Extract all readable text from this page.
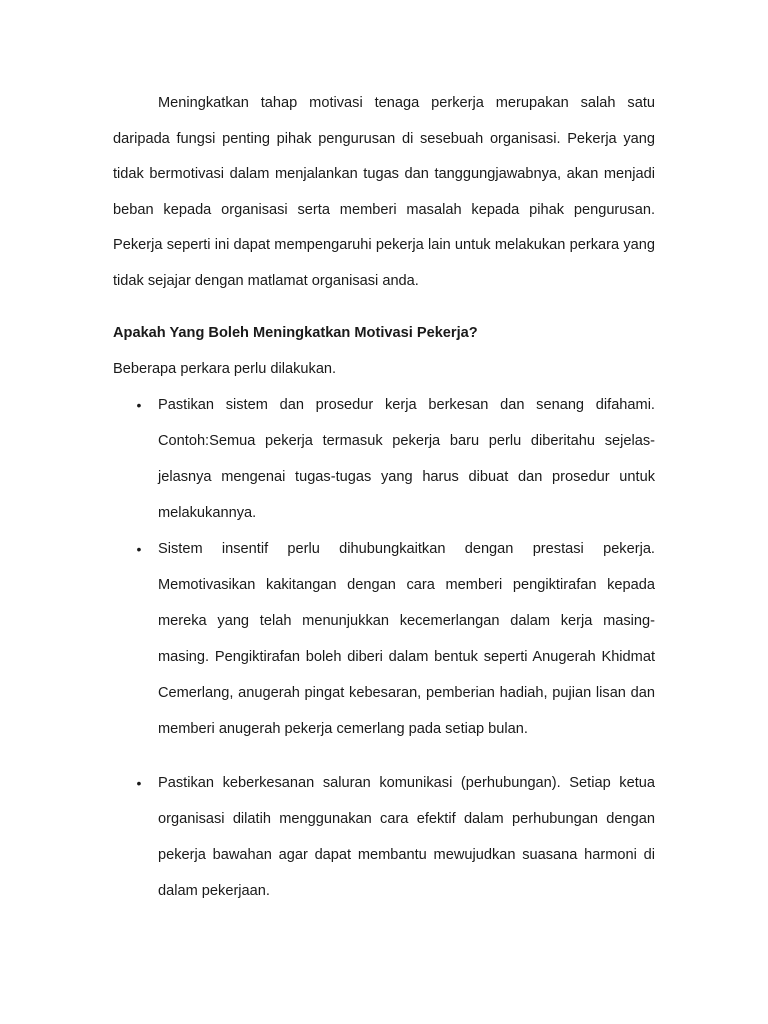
Meningkatkan tahap motivasi tenaga perkerja merupakan salah satu daripada fungsi penting pihak pengurusan di sesebuah organisasi. Pekerja yang tidak bermotivasi dalam menjalankan tugas dan tanggungjawabnya, akan menjadi beban kepada organisasi serta memberi masalah kepada pihak pengurusan. Pekerja seperti ini dapat mempengaruhi pekerja lain untuk melakukan perkara yang tidak sejajar dengan matlamat organisasi anda.

Apakah Yang Boleh Meningkatkan Motivasi Pekerja?

Beberapa perkara perlu dilakukan.

• Pastikan sistem dan prosedur kerja berkesan dan senang difahami. Contoh:Semua pekerja termasuk pekerja baru perlu diberitahu sejelas-jelasnya mengenai tugas-tugas yang harus dibuat dan prosedur untuk melakukannya.
• Sistem insentif perlu dihubungkaitkan dengan prestasi pekerja. Memotivasikan kakitangan dengan cara memberi pengiktirafan kepada mereka yang telah menunjukkan kecemerlangan dalam kerja masing-masing. Pengiktirafan boleh diberi dalam bentuk seperti Anugerah Khidmat Cemerlang, anugerah pingat kebesaran, pemberian hadiah, pujian lisan dan memberi anugerah pekerja cemerlang pada setiap bulan.
• Pastikan keberkesanan saluran komunikasi (perhubungan). Setiap ketua organisasi dilatih menggunakan cara efektif dalam perhubungan dengan pekerja bawahan agar dapat membantu mewujudkan suasana harmoni di dalam pekerjaan.
